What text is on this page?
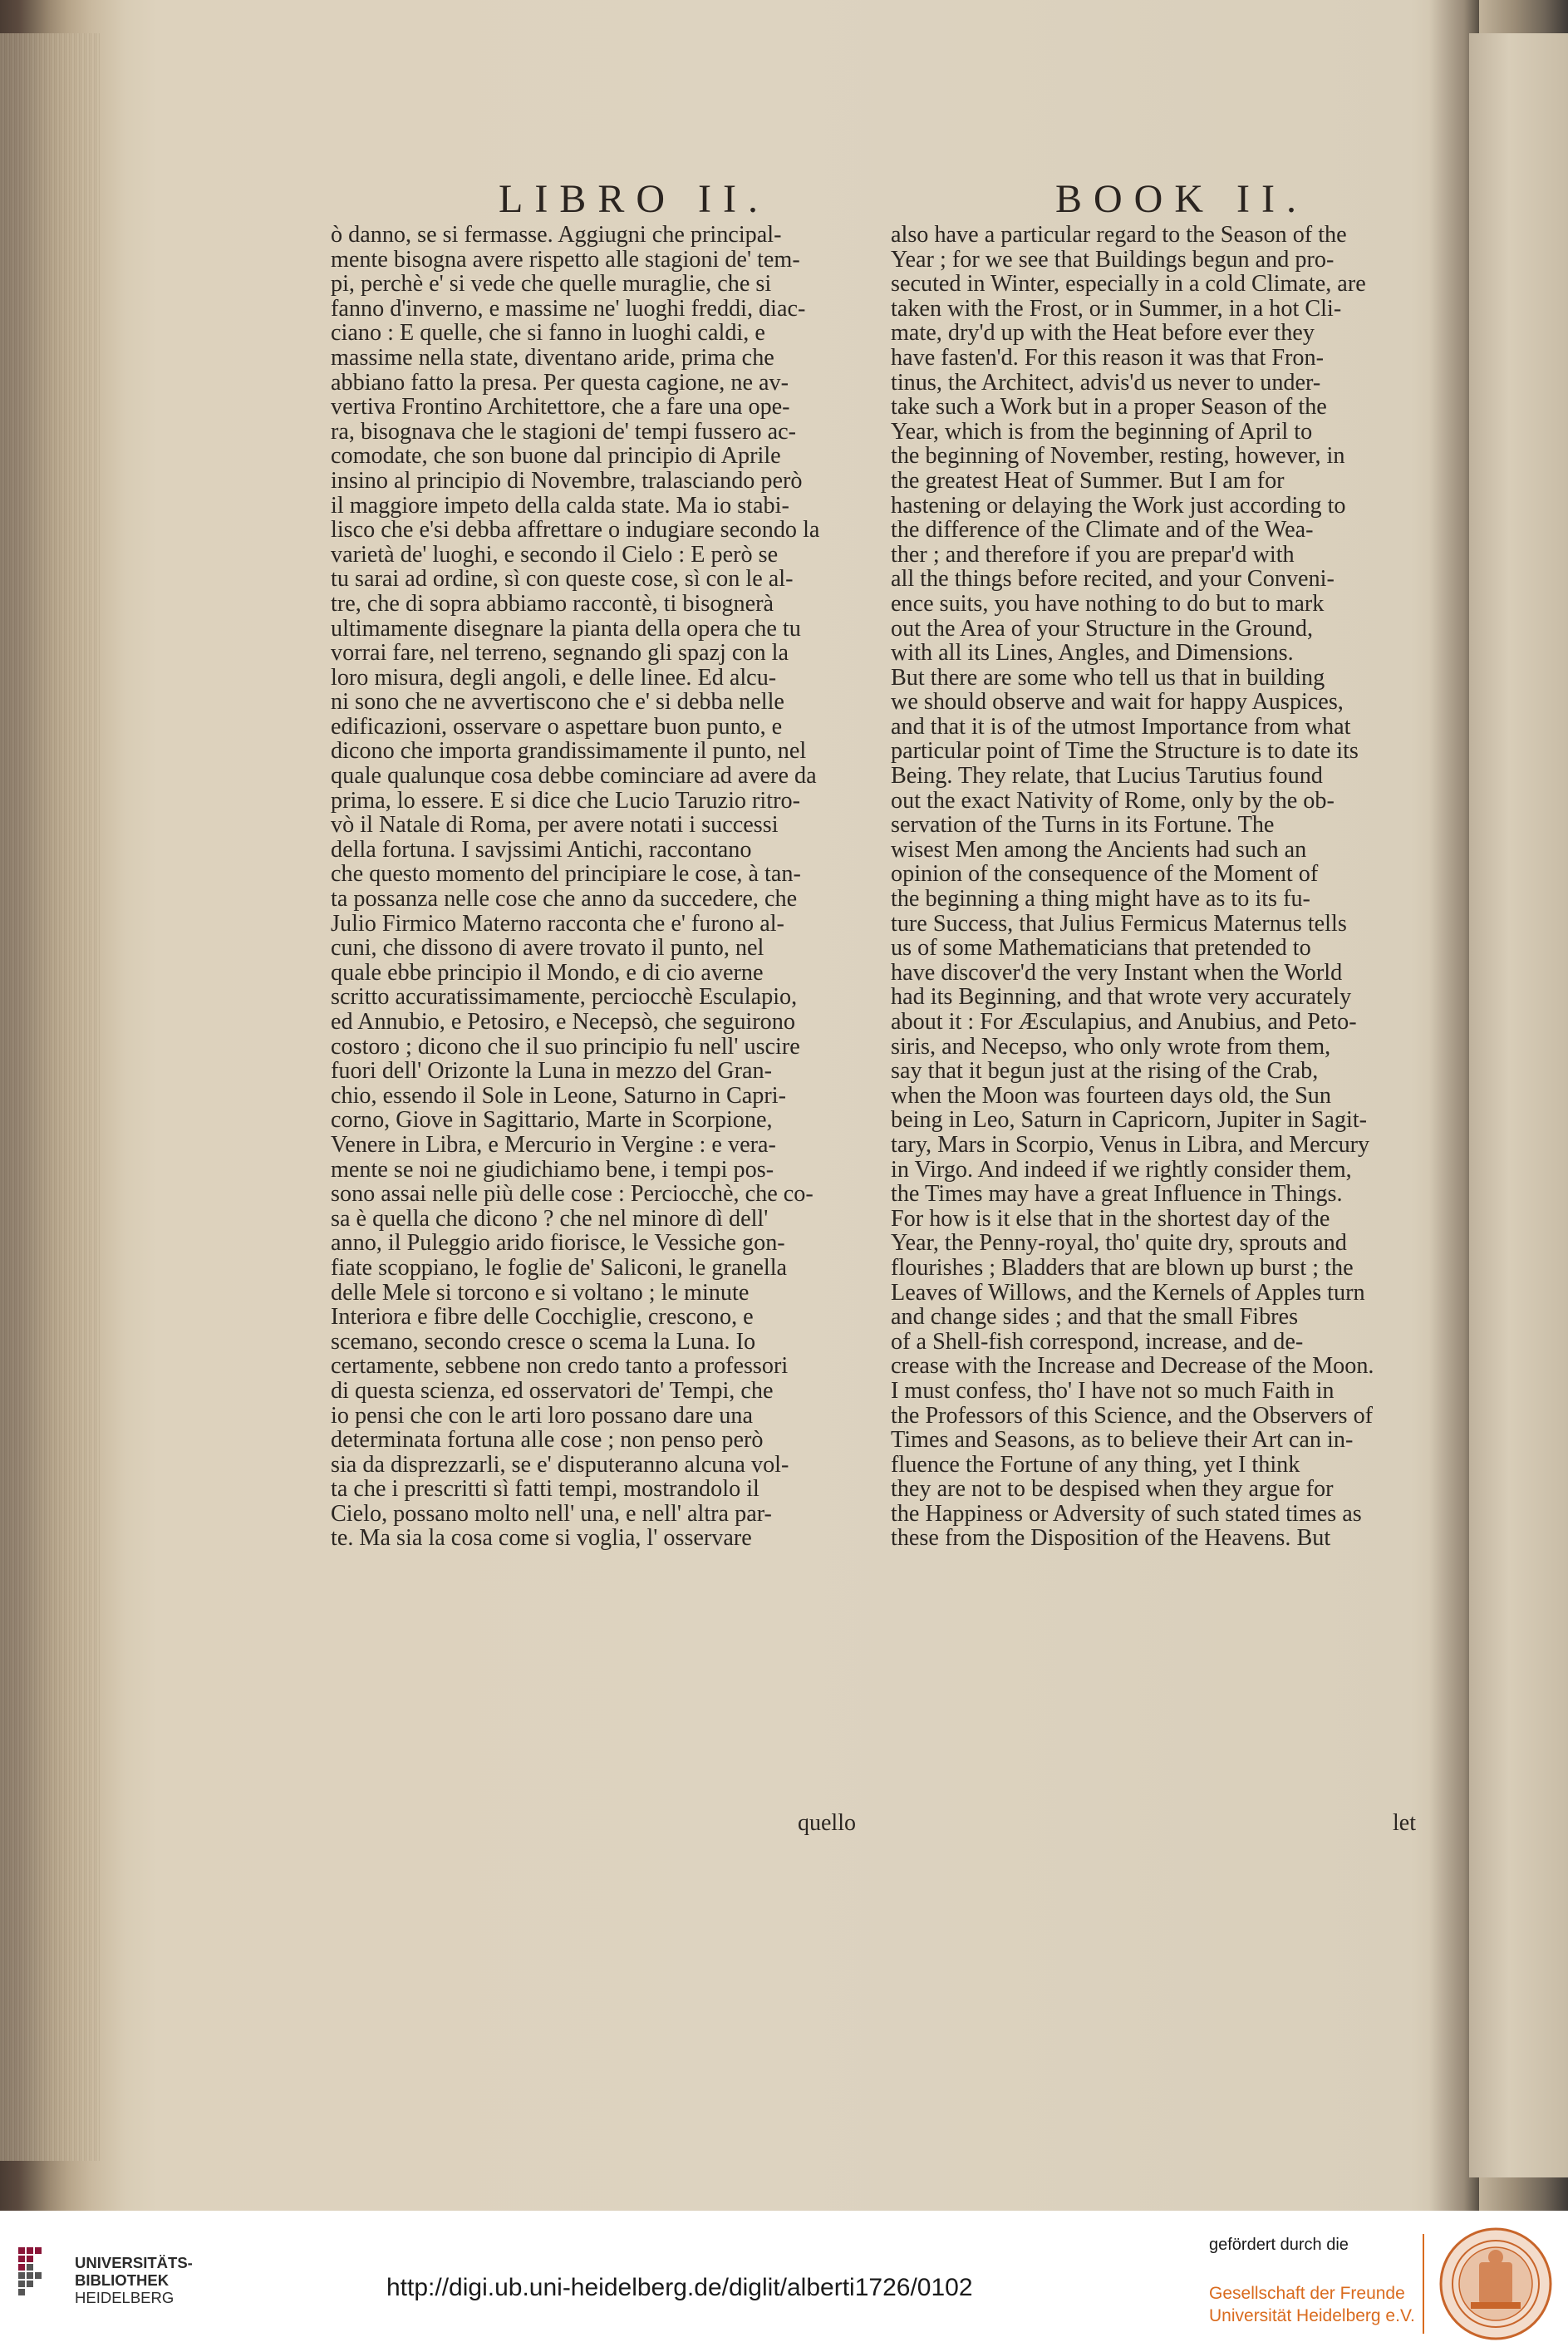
LIBRO II.	BOOK II.
ò danno, se si fermasse. Aggiugni che principal-
mente bisogna avere rispetto alle stagioni de' tem-
pi, perchè e' si vede che quelle muraglie, che si
fanno d'inverno, e massime ne' luoghi freddi, diac-
ciano : E quelle, che si fanno in luoghi caldi, e
massime nella state, diventano aride, prima che
abbiano fatto la presa. Per questa cagione, ne av-
vertiva Frontino Architettore, che a fare una ope-
ra, bisognava che le stagioni de' tempi fussero ac-
comodate, che son buone dal principio di Aprile
insino al principio di Novembre, tralasciando però
il maggiore impeto della calda state. Ma io stabi-
lisco che e'si debba affrettare o indugiare secondo la
varietà de' luoghi, e secondo il Cielo : E però se
tu sarai ad ordine, sì con queste cose, sì con le al-
tre, che di sopra abbiamo raccontè, ti bisognerà
ultimamente disegnare la pianta della opera che tu
vorrai fare, nel terreno, segnando gli spazj con la
loro misura, degli angoli, e delle linee. Ed alcu-
ni sono che ne avvertiscono che e' si debba nelle
edificazioni, osservare o aspettare buon punto, e
dicono che importa grandissimamente il punto, nel
quale qualunque cosa debbe cominciare ad avere da
prima, lo essere. E si dice che Lucio Taruzio ritro-
vò il Natale di Roma, per avere notati i successi
della fortuna. I savjssimi Antichi, raccontano
che questo momento del principiare le cose, à tan-
ta possanza nelle cose che anno da succedere, che
Julio Firmico Materno racconta che e' furono al-
cuni, che dissono di avere trovato il punto, nel
quale ebbe principio il Mondo, e di cio averne
scritto accuratissimamente, perciocchè Esculapio,
ed Annubio, e Petosiro, e Necepsò, che seguirono
costoro ; dicono che il suo principio fu nell' uscire
fuori dell' Orizonte la Luna in mezzo del Gran-
chio, essendo il Sole in Leone, Saturno in Capri-
corno, Giove in Sagittario, Marte in Scorpione,
Venere in Libra, e Mercurio in Vergine : e vera-
mente se noi ne giudichiamo bene, i tempi pos-
sono assai nelle più delle cose : Perciocchè, che co-
sa è quella che dicono ? che nel minore dì dell'
anno, il Puleggio arido fiorisce, le Vessiche gon-
fiate scoppiano, le foglie de' Saliconi, le granella
delle Mele si torcono e si voltano ; le minute
Interiora e fibre delle Cocchiglie, crescono, e
scemano, secondo cresce o scema la Luna. Io
certamente, sebbene non credo tanto a professori
di questa scienza, ed osservatori de' Tempi, che
io pensi che con le arti loro possano dare una
determinata fortuna alle cose ; non penso però
sia da disprezzarli, se e' disputeranno alcuna vol-
ta che i prescritti sì fatti tempi, mostrandolo il
Cielo, possano molto nell' una, e nell' altra par-
te. Ma sia la cosa come si voglia, l' osservare
also have a particular regard to the Season of the
Year ; for we see that Buildings begun and pro-
secuted in Winter, especially in a cold Climate, are
taken with the Frost, or in Summer, in a hot Cli-
mate, dry'd up with the Heat before ever they
have fasten'd. For this reason it was that Fron-
tinus, the Architect, advis'd us never to under-
take such a Work but in a proper Season of the
Year, which is from the beginning of April to
the beginning of November, resting, however, in
the greatest Heat of Summer. But I am for
hastening or delaying the Work just according to
the difference of the Climate and of the Wea-
ther ; and therefore if you are prepar'd with
all the things before recited, and your Conveni-
ence suits, you have nothing to do but to mark
out the Area of your Structure in the Ground,
with all its Lines, Angles, and Dimensions.
But there are some who tell us that in building
we should observe and wait for happy Auspices,
and that it is of the utmost Importance from what
particular point of Time the Structure is to date its
Being. They relate, that Lucius Tarutius found
out the exact Nativity of Rome, only by the ob-
servation of the Turns in its Fortune. The
wisest Men among the Ancients had such an
opinion of the consequence of the Moment of
the beginning a thing might have as to its fu-
ture Success, that Julius Fermicus Maternus tells
us of some Mathematicians that pretended to
have discover'd the very Instant when the World
had its Beginning, and that wrote very accurately
about it : For Æsculapius, and Anubius, and Peto-
siris, and Necepso, who only wrote from them,
say that it begun just at the rising of the Crab,
when the Moon was fourteen days old, the Sun
being in Leo, Saturn in Capricorn, Jupiter in Sagit-
tary, Mars in Scorpio, Venus in Libra, and Mercury
in Virgo. And indeed if we rightly consider them,
the Times may have a great Influence in Things.
For how is it else that in the shortest day of the
Year, the Penny-royal, tho' quite dry, sprouts and
flourishes ; Bladders that are blown up burst ; the
Leaves of Willows, and the Kernels of Apples turn
and change sides ; and that the small Fibres
of a Shell-fish correspond, increase, and de-
crease with the Increase and Decrease of the Moon.
I must confess, tho' I have not so much Faith in
the Professors of this Science, and the Observers of
Times and Seasons, as to believe their Art can in-
fluence the Fortune of any thing, yet I think
they are not to be despised when they argue for
the Happiness or Adversity of such stated times as
these from the Disposition of the Heavens. But
quello	let
UNIVERSITÄTS-
BIBLIOTHEK
HEIDELBERG	http://digi.ub.uni-heidelberg.de/diglit/alberti1726/0102
gefördert durch die
Gesellschaft der Freunde
Universität Heidelberg e.V.
